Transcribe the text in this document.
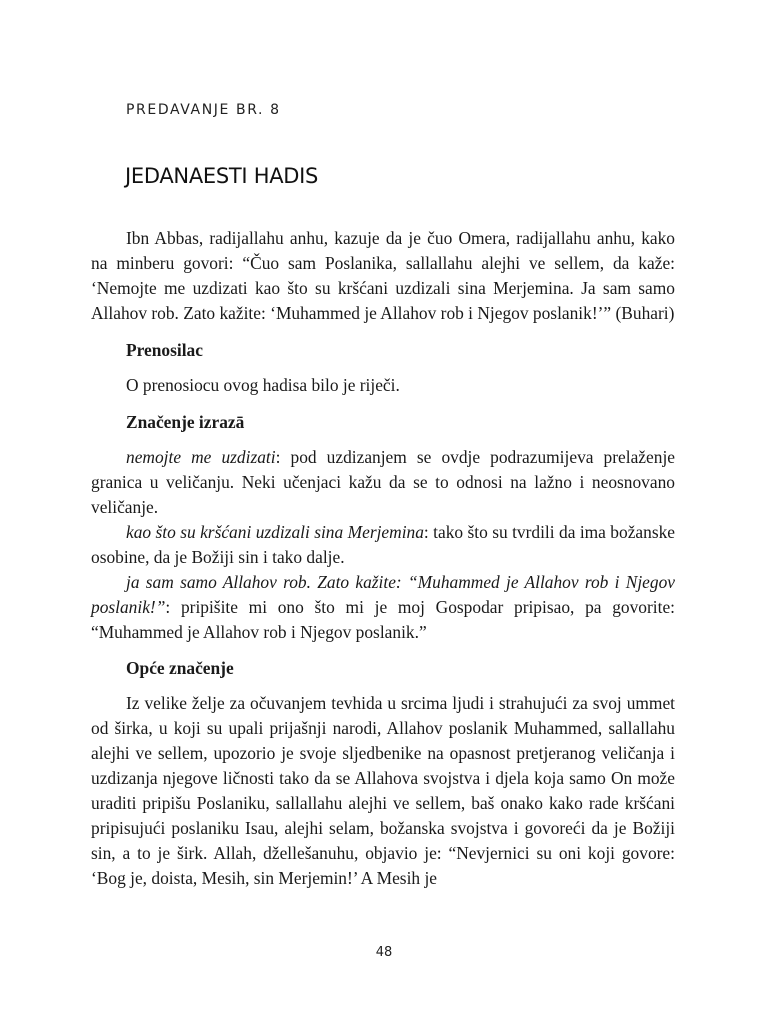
PREDAVANJE BR. 8
JEDANAESTI HADIS

Ibn Abbas, radijallahu anhu, kazuje da je čuo Omera, radijallahu anhu, kako na minberu govori: “Čuo sam Poslanika, sallallahu alejhi ve sellem, da kaže: ‘Nemojte me uzdizati kao što su kršćani uzdizali sina Merjemina. Ja sam samo Allahov rob. Zato kažite: ‘Muhammed je Allahov rob i Njegov poslanik!’” (Buhari)

Prenosilac

O prenosiocu ovog hadisa bilo je riječi.

Značenje izrazā

nemojte me uzdizati: pod uzdizanjem se ovdje podrazumijeva prelaženje granica u veličanju. Neki učenjaci kažu da se to odnosi na lažno i neosnovano veličanje.

kao što su kršćani uzdizali sina Merjemina: tako što su tvrdili da ima božanske osobine, da je Božiji sin i tako dalje.

ja sam samo Allahov rob. Zato kažite: “Muhammed je Allahov rob i Njegov poslanik!”: pripišite mi ono što mi je moj Gospodar pripisao, pa govorite: “Muhammed je Allahov rob i Njegov poslanik.”

Opće značenje

Iz velike želje za očuvanjem tevhida u srcima ljudi i strahujući za svoj ummet od širka, u koji su upali prijašnji narodi, Allahov poslanik Muhammed, sallallahu alejhi ve sellem, upozorio je svoje sljedbenike na opasnost pretjeranog veličanja i uzdizanja njegove ličnosti tako da se Allahova svojstva i djela koja samo On može uraditi pripišu Poslaniku, sallallahu alejhi ve sellem, baš onako kako rade kršćani pripisujući poslaniku Isau, alejhi selam, božanska svojstva i govoreći da je Božiji sin, a to je širk. Allah, džellešanuhu, objavio je: “Nevjernici su oni koji govore: ‘Bog je, doista, Mesih, sin Merjemin!’ A Mesih je

48
